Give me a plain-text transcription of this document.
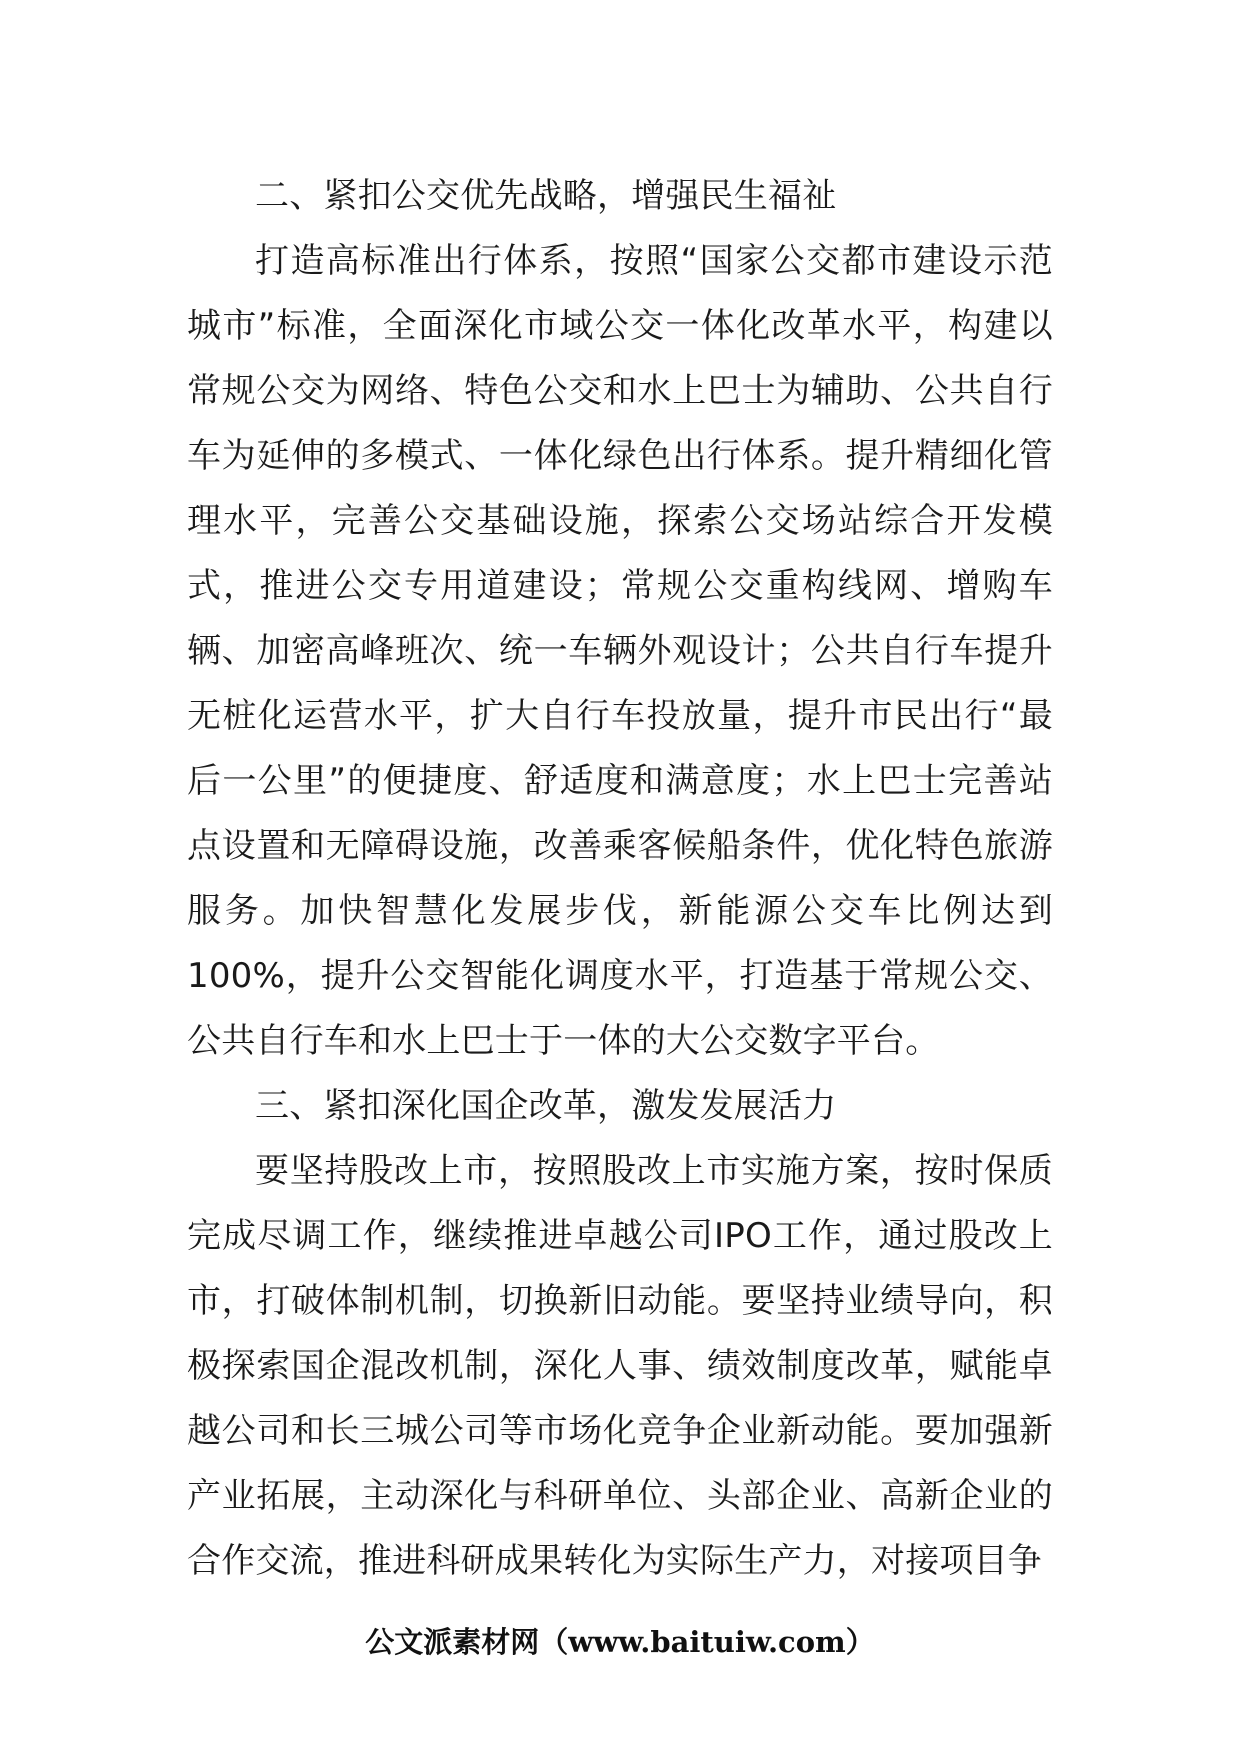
二、紧扣公交优先战略，增强民生福祉

打造高标准出行体系，按照“国家公交都市建设示范城市”标准，全面深化市域公交一体化改革水平，构建以常规公交为网络、特色公交和水上巴士为辅助、公共自行车为延伸的多模式、一体化绿色出行体系。提升精细化管理水平，完善公交基础设施，探索公交场站综合开发模式，推进公交专用道建设；常规公交重构线网、增购车辆、加密高峰班次、统一车辆外观设计；公共自行车提升无桩化运营水平，扩大自行车投放量，提升市民出行“最后一公里”的便捷度、舒适度和满意度；水上巴士完善站点设置和无障碍设施，改善乘客候船条件，优化特色旅游服务。加快智慧化发展步伐，新能源公交车比例达到100%，提升公交智能化调度水平，打造基于常规公交、公共自行车和水上巴士于一体的大公交数字平台。

三、紧扣深化国企改革，激发发展活力

要坚持股改上市，按照股改上市实施方案，按时保质完成尽调工作，继续推进卓越公司IPO工作，通过股改上市，打破体制机制，切换新旧动能。要坚持业绩导向，积极探索国企混改机制，深化人事、绩效制度改革，赋能卓越公司和长三城公司等市场化竞争企业新动能。要加强新产业拓展，主动深化与科研单位、头部企业、高新企业的合作交流，推进科研成果转化为实际生产力，对接项目争

公文派素材网（www.baituiw.com）
